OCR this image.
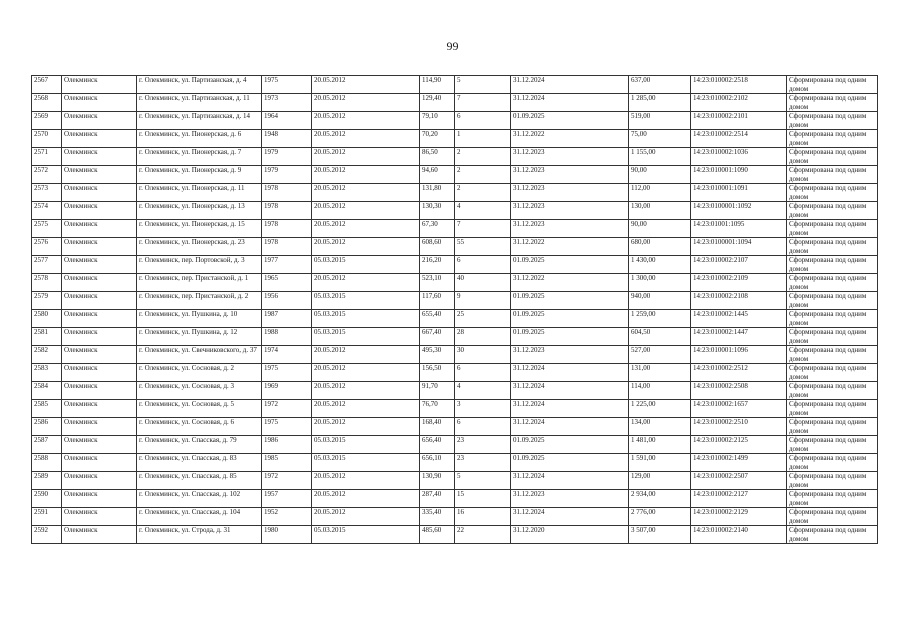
99
2567	Олекминск	г. Олекминск, ул. Партизанская, д. 4	1975	20.05.2012	114,90	5	31.12.2024	637,00	14:23:010002:2518	Сформирована под одним домом
2568	Олекминск	г. Олекминск, ул. Партизанская, д. 11	1973	20.05.2012	129,40	7	31.12.2024	1 285,00	14:23:010002:2102	Сформирована под одним домом
2569	Олекминск	г. Олекминск, ул. Партизанская, д. 14	1964	20.05.2012	79,10	6	01.09.2025	519,00	14:23:010002:2101	Сформирована под одним домом
2570	Олекминск	г. Олекминск, ул. Пионерская, д. 6	1948	20.05.2012	70,20	1	31.12.2022	75,00	14:23:010002:2514	Сформирована под одним домом
2571	Олекминск	г. Олекминск, ул. Пионерская, д. 7	1979	20.05.2012	86,50	2	31.12.2023	1 155,00	14:23:010002:1036	Сформирована под одним домом
2572	Олекминск	г. Олекминск, ул. Пионерская, д. 9	1979	20.05.2012	94,60	2	31.12.2023	90,00	14:23:010001:1090	Сформирована под одним домом
2573	Олекминск	г. Олекминск, ул. Пионерская, д. 11	1978	20.05.2012	131,80	2	31.12.2023	112,00	14:23:010001:1091	Сформирована под одним домом
2574	Олекминск	г. Олекминск, ул. Пионерская, д. 13	1978	20.05.2012	130,30	4	31.12.2023	130,00	14:23:0100001:1092	Сформирована под одним домом
2575	Олекминск	г. Олекминск, ул. Пионерская, д. 15	1978	20.05.2012	67,30	7	31.12.2023	90,00	14:23:01001:1095	Сформирована под одним домом
2576	Олекминск	г. Олекминск, ул. Пионерская, д. 23	1978	20.05.2012	608,60	55	31.12.2022	680,00	14:23:0100001:1094	Сформирована под одним домом
2577	Олекминск	г. Олекминск, пер. Портовской, д. 3	1977	05.03.2015	216,20	6	01.09.2025	1 430,00	14:23:010002:2107	Сформирована под одним домом
2578	Олекминск	г. Олекминск, пер. Пристанской, д. 1	1965	20.05.2012	523,10	40	31.12.2022	1 300,00	14:23:010002:2109	Сформирована под одним домом
2579	Олекминск	г. Олекминск, пер. Пристанской, д. 2	1956	05.03.2015	117,60	9	01.09.2025	940,00	14:23:010002:2108	Сформирована под одним домом
2580	Олекминск	г. Олекминск, ул. Пушкина, д. 10	1987	05.03.2015	655,40	25	01.09.2025	1 259,00	14:23:010002:1445	Сформирована под одним домом
2581	Олекминск	г. Олекминск, ул. Пушкина, д. 12	1988	05.03.2015	667,40	28	01.09.2025	604,50	14:23:010002:1447	Сформирована под одним домом
2582	Олекминск	г. Олекминск, ул. Свечниковского, д. 37	1974	20.05.2012	495,30	30	31.12.2023	527,00	14:23:010001:1096	Сформирована под одним домом
2583	Олекминск	г. Олекминск, ул. Сосновая, д. 2	1975	20.05.2012	156,50	6	31.12.2024	131,00	14:23:010002:2512	Сформирована под одним домом
2584	Олекминск	г. Олекминск, ул. Сосновая, д. 3	1969	20.05.2012	91,70	4	31.12.2024	114,00	14:23:010002:2508	Сформирована под одним домом
2585	Олекминск	г. Олекминск, ул. Сосновая, д. 5	1972	20.05.2012	76,70	3	31.12.2024	1 225,00	14:23:010002:1657	Сформирована под одним домом
2586	Олекминск	г. Олекминск, ул. Сосновая, д. 6	1975	20.05.2012	168,40	6	31.12.2024	134,00	14:23:010002:2510	Сформирована под одним домом
2587	Олекминск	г. Олекминск, ул. Спасская, д. 79	1986	05.03.2015	656,40	23	01.09.2025	1 481,00	14:23:010002:2125	Сформирована под одним домом
2588	Олекминск	г. Олекминск, ул. Спасская, д. 83	1985	05.03.2015	656,10	23	01.09.2025	1 591,00	14:23:010002:1499	Сформирована под одним домом
2589	Олекминск	г. Олекминск, ул. Спасская, д. 85	1972	20.05.2012	130,90	5	31.12.2024	129,00	14:23:010002:2507	Сформирована под одним домом
2590	Олекминск	г. Олекминск, ул. Спасская, д. 102	1957	20.05.2012	287,40	15	31.12.2023	2 934,00	14:23:010002:2127	Сформирована под одним домом
2591	Олекминск	г. Олекминск, ул. Спасская, д. 104	1952	20.05.2012	335,40	16	31.12.2024	2 776,00	14:23:010002:2129	Сформирована под одним домом
2592	Олекминск	г. Олекминск, ул. Строда, д. 31	1980	05.03.2015	485,60	22	31.12.2020	3 507,00	14:23:010002:2140	Сформирована под одним домом
